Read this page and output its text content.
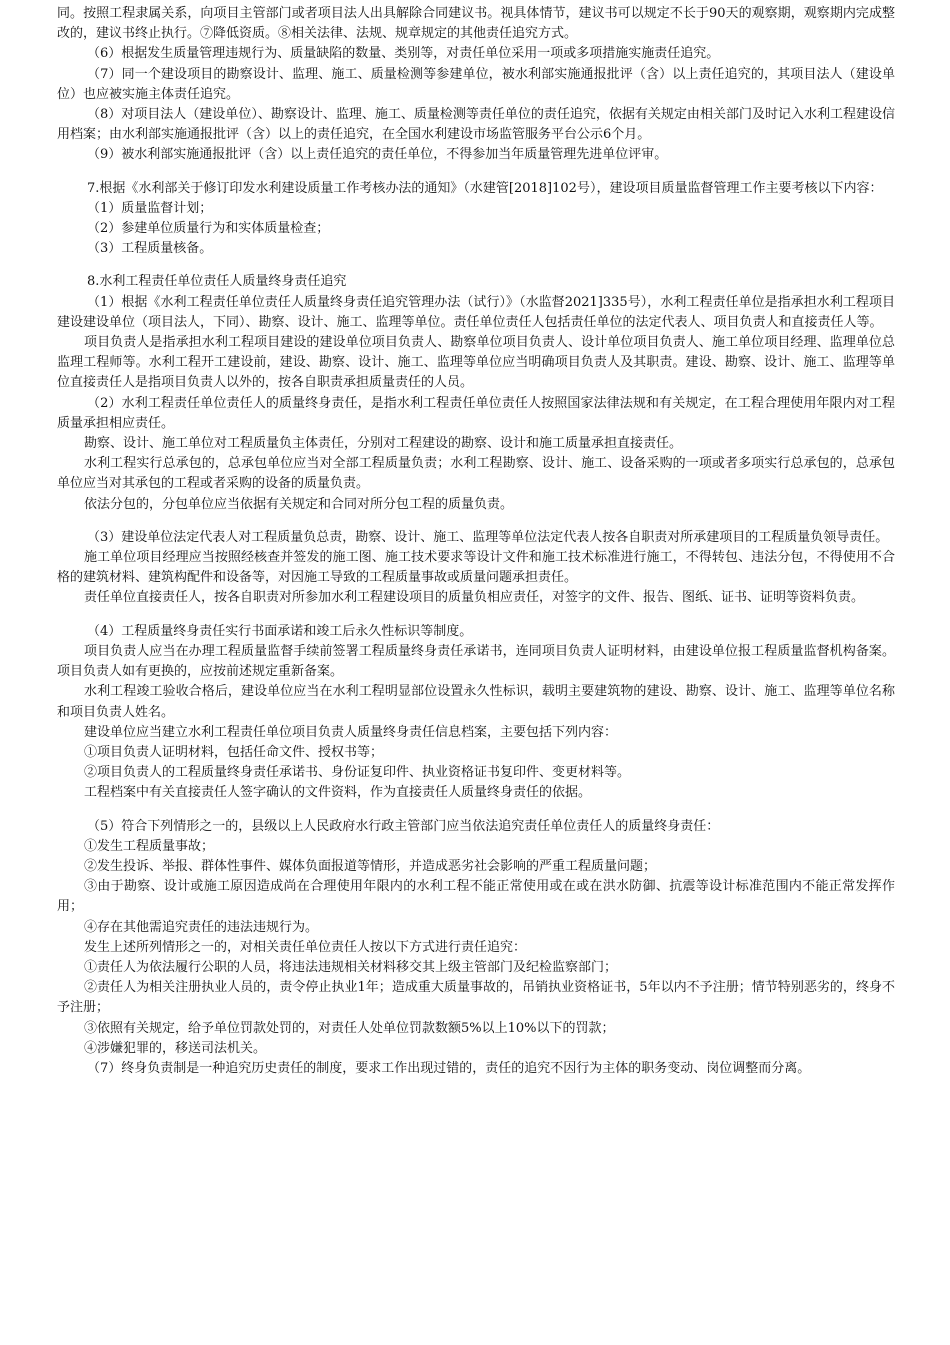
同。按照工程隶属关系，向项目主管部门或者项目法人出具解除合同建议书。视具体情节，建议书可以规定不长于90天的观察期，观察期内完成整改的，建议书终止执行。⑦降低资质。⑧相关法律、法规、规章规定的其他责任追究方式。
（6）根据发生质量管理违规行为、质量缺陷的数量、类别等，对责任单位采用一项或多项措施实施责任追究。
（7）同一个建设项目的勘察设计、监理、施工、质量检测等参建单位，被水利部实施通报批评（含）以上责任追究的，其项目法人（建设单位）也应被实施主体责任追究。
（8）对项目法人（建设单位）、勘察设计、监理、施工、质量检测等责任单位的责任追究，依据有关规定由相关部门及时记入水利工程建设信用档案；由水利部实施通报批评（含）以上的责任追究，在全国水利建设市场监管服务平台公示6个月。
（9）被水利部实施通报批评（含）以上责任追究的责任单位，不得参加当年质量管理先进单位评审。
7.根据《水利部关于修订印发水利建设质量工作考核办法的通知》（水建管[2018]102号），建设项目质量监督管理工作主要考核以下内容：
（1）质量监督计划；
（2）参建单位质量行为和实体质量检查；
（3）工程质量核备。
8.水利工程责任单位责任人质量终身责任追究
（1）根据《水利工程责任单位责任人质量终身责任追究管理办法（试行）》（水监督2021]335号），水利工程责任单位是指承担水利工程项目建设建设单位（项目法人，下同）、勘察、设计、施工、监理等单位。责任单位责任人包括责任单位的法定代表人、项目负责人和直接责任人等。
项目负责人是指承担水利工程项目建设的建设单位项目负责人、勘察单位项目负责人、设计单位项目负责人、施工单位项目经理、监理单位总监理工程师等。水利工程开工建设前，建设、勘察、设计、施工、监理等单位应当明确项目负责人及其职责。建设、勘察、设计、施工、监理等单位直接责任人是指项目负责人以外的，按各自职责承担质量责任的人员。
（2）水利工程责任单位责任人的质量终身责任，是指水利工程责任单位责任人按照国家法律法规和有关规定，在工程合理使用年限内对工程质量承担相应责任。
勘察、设计、施工单位对工程质量负主体责任，分别对工程建设的勘察、设计和施工质量承担直接责任。
水利工程实行总承包的，总承包单位应当对全部工程质量负责；水利工程勘察、设计、施工、设备采购的一项或者多项实行总承包的，总承包单位应当对其承包的工程或者采购的设备的质量负责。
依法分包的，分包单位应当依据有关规定和合同对所分包工程的质量负责。
（3）建设单位法定代表人对工程质量负总责，勘察、设计、施工、监理等单位法定代表人按各自职责对所承建项目的工程质量负领导责任。
施工单位项目经理应当按照经核查并签发的施工图、施工技术要求等设计文件和施工技术标准进行施工，不得转包、违法分包，不得使用不合格的建筑材料、建筑构配件和设备等，对因施工导致的工程质量事故或质量问题承担责任。
责任单位直接责任人，按各自职责对所参加水利工程建设项目的质量负相应责任，对签字的文件、报告、图纸、证书、证明等资料负责。
（4）工程质量终身责任实行书面承诺和竣工后永久性标识等制度。
项目负责人应当在办理工程质量监督手续前签署工程质量终身责任承诺书，连同项目负责人证明材料，由建设单位报工程质量监督机构备案。项目负责人如有更换的，应按前述规定重新备案。
水利工程竣工验收合格后，建设单位应当在水利工程明显部位设置永久性标识，载明主要建筑物的建设、勘察、设计、施工、监理等单位名称和项目负责人姓名。
建设单位应当建立水利工程责任单位项目负责人质量终身责任信息档案，主要包括下列内容：
①项目负责人证明材料，包括任命文件、授权书等；
②项目负责人的工程质量终身责任承诺书、身份证复印件、执业资格证书复印件、变更材料等。
工程档案中有关直接责任人签字确认的文件资料，作为直接责任人质量终身责任的依据。
（5）符合下列情形之一的，县级以上人民政府水行政主管部门应当依法追究责任单位责任人的质量终身责任：
①发生工程质量事故；
②发生投诉、举报、群体性事件、媒体负面报道等情形，并造成恶劣社会影响的严重工程质量问题；
③由于勘察、设计或施工原因造成尚在合理使用年限内的水利工程不能正常使用或在或在洪水防御、抗震等设计标准范围内不能正常发挥作用；
④存在其他需追究责任的违法违规行为。
发生上述所列情形之一的，对相关责任单位责任人按以下方式进行责任追究：
①责任人为依法履行公职的人员，将违法违规相关材料移交其上级主管部门及纪检监察部门；
②责任人为相关注册执业人员的，责令停止执业1年；造成重大质量事故的，吊销执业资格证书，5年以内不予注册；情节特别恶劣的，终身不予注册；
③依照有关规定，给予单位罚款处罚的，对责任人处单位罚款数额5%以上10%以下的罚款；
④涉嫌犯罪的，移送司法机关。
（7）终身负责制是一种追究历史责任的制度，要求工作出现过错的，责任的追究不因行为主体的职务变动、岗位调整而分离。
